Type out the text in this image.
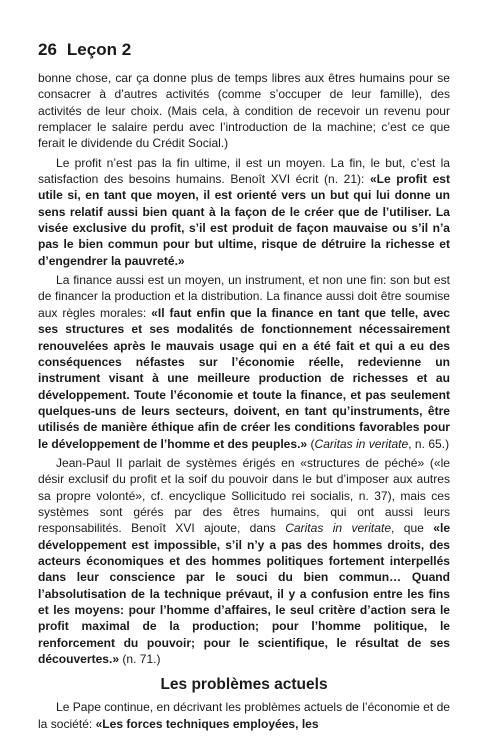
26 Leçon 2

bonne chose, car ça donne plus de temps libres aux êtres humains pour se consacrer à d’autres activités (comme s’occuper de leur famille), des activités de leur choix. (Mais cela, à condition de recevoir un revenu pour remplacer le salaire perdu avec l’introduction de la machine; c’est ce que ferait le dividende du Crédit Social.)

Le profit n’est pas la fin ultime, il est un moyen. La fin, le but, c’est la satisfaction des besoins humains. Benoît XVI écrit (n. 21): «Le profit est utile si, en tant que moyen, il est orienté vers un but qui lui donne un sens relatif aussi bien quant à la façon de le créer que de l’utiliser. La visée exclusive du profit, s’il est produit de façon mauvaise ou s’il n’a pas le bien commun pour but ultime, risque de détruire la richesse et d’engendrer la pauvreté.»

La finance aussi est un moyen, un instrument, et non une fin: son but est de financer la production et la distribution. La finance aussi doit être soumise aux règles morales: «Il faut enfin que la finance en tant que telle, avec ses structures et ses modalités de fonctionnement nécessairement renouvelées après le mauvais usage qui en a été fait et qui a eu des conséquences néfastes sur l’économie réelle, redevienne un instrument visant à une meilleure production de richesses et au développement. Toute l’économie et toute la finance, et pas seulement quelques-uns de leurs secteurs, doivent, en tant qu’instruments, être utilisés de manière éthique afin de créer les conditions favorables pour le développement de l’homme et des peuples.» (Caritas in veritate, n. 65.)

Jean-Paul II parlait de systèmes érigés en «structures de péché» («le désir exclusif du profit et la soif du pouvoir dans le but d’imposer aux autres sa propre volonté», cf. encyclique Sollicitudo rei socialis, n. 37), mais ces systèmes sont gérés par des êtres humains, qui ont aussi leurs responsabilités. Benoît XVI ajoute, dans Caritas in veritate, que «le développement est impossible, s’il n’y a pas des hommes droits, des acteurs économiques et des hommes politiques fortement interpellés dans leur conscience par le souci du bien commun… Quand l’absolutisation de la technique prévaut, il y a confusion entre les fins et les moyens: pour l’homme d’affaires, le seul critère d’action sera le profit maximal de la production; pour l’homme politique, le renforcement du pouvoir; pour le scientifique, le résultat de ses découvertes.» (n. 71.)

Les problèmes actuels

Le Pape continue, en décrivant les problèmes actuels de l’économie et de la société: «Les forces techniques employées, les
